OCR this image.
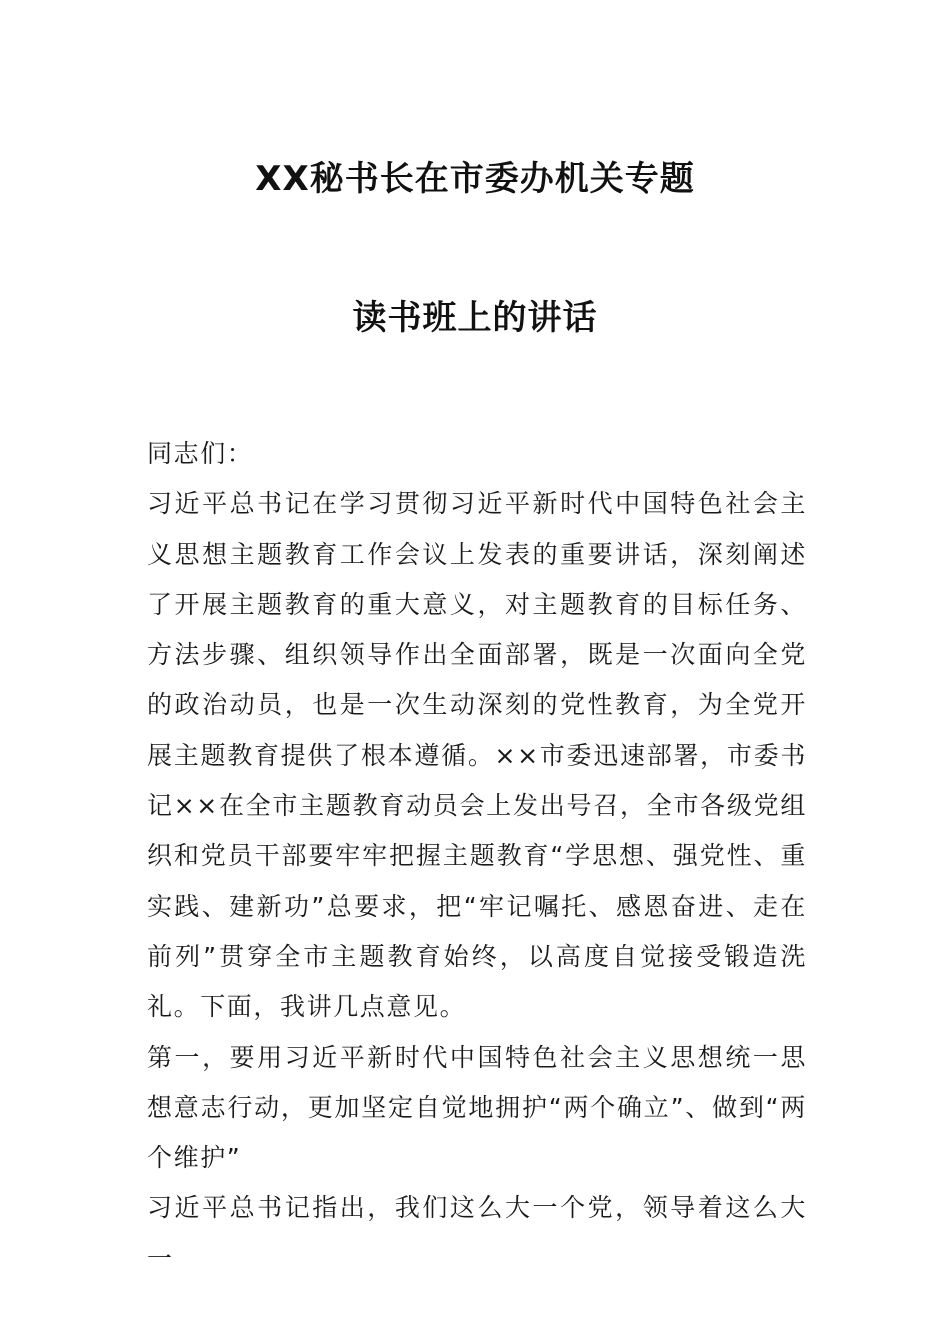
XX秘书长在市委办机关专题
读书班上的讲话

同志们：

习近平总书记在学习贯彻习近平新时代中国特色社会主义思想主题教育工作会议上发表的重要讲话，深刻阐述了开展主题教育的重大意义，对主题教育的目标任务、方法步骤、组织领导作出全面部署，既是一次面向全党的政治动员，也是一次生动深刻的党性教育，为全党开展主题教育提供了根本遵循。××市委迅速部署，市委书记××在全市主题教育动员会上发出号召，全市各级党组织和党员干部要牢牢把握主题教育“学思想、强党性、重实践、建新功”总要求，把“牢记嘱托、感恩奋进、走在前列”贯穿全市主题教育始终，以高度自觉接受锻造洗礼。下面，我讲几点意见。

第一，要用习近平新时代中国特色社会主义思想统一思想意志行动，更加坚定自觉地拥护“两个确立”、做到“两个维护”

习近平总书记指出，我们这么大一个党，领导着这么大一
